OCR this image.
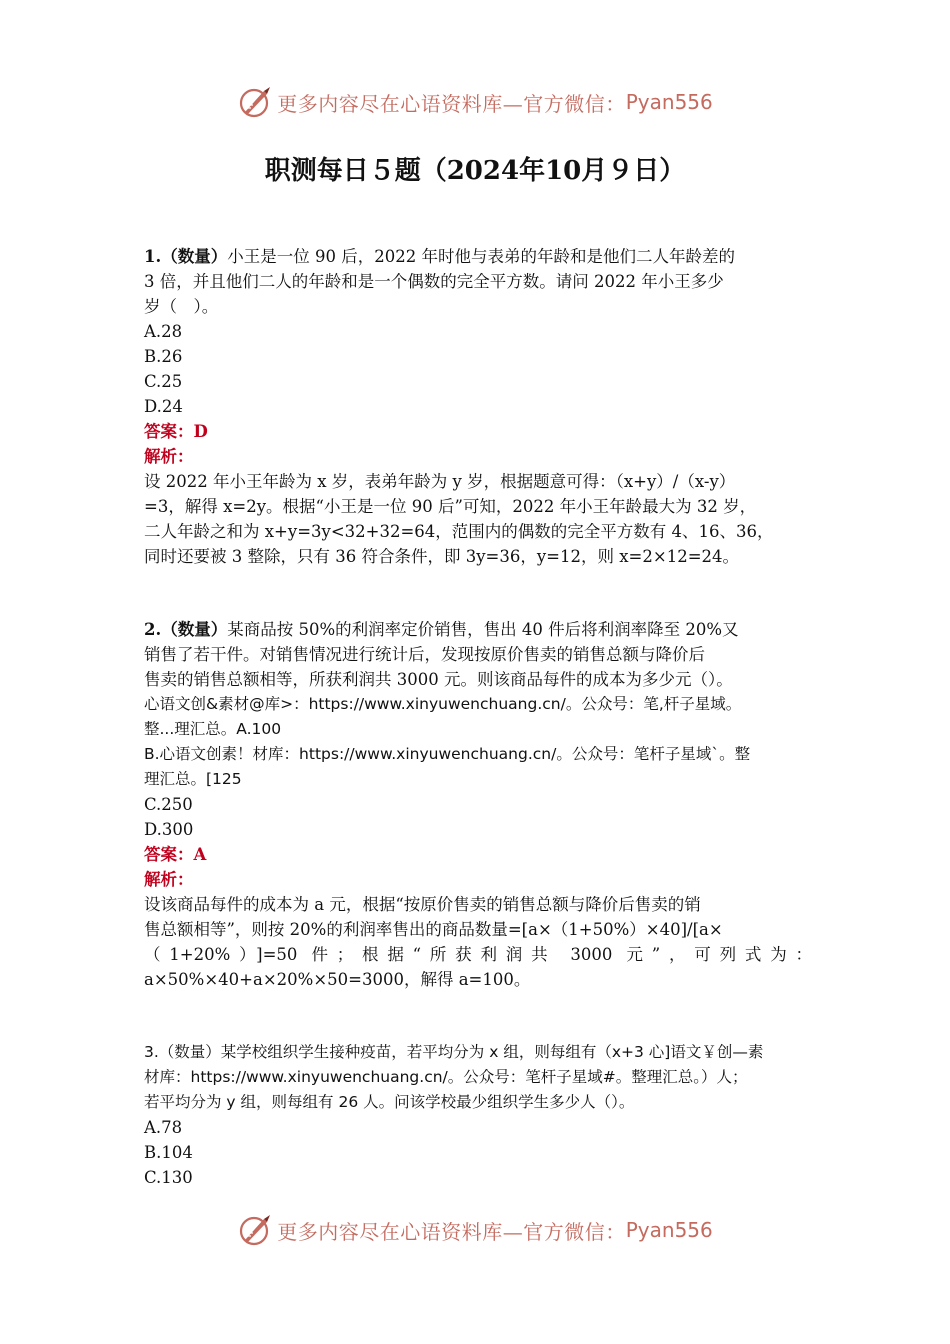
更多内容尽在心语资料库—官方微信： Pyan556
职测每日５题（2024年10月９日）
1.（数量）小王是一位 90 后，2022 年时他与表弟的年龄和是他们二人年龄差的
3 倍，并且他们二人的年龄和是一个偶数的完全平方数。请问 2022 年小王多少
岁（　）。
A.28
B.26
C.25
D.24
答案：D
解析：
设 2022 年小王年龄为 x 岁，表弟年龄为 y 岁，根据题意可得：（x+y）/（x-y）
=3，解得 x=2y。根据“小王是一位 90 后”可知，2022 年小王年龄最大为 32 岁，
二人年龄之和为 x+y=3y<32+32=64，范围内的偶数的完全平方数有 4、16、36，
同时还要被 3 整除，只有 36 符合条件，即 3y=36，y=12，则 x=2×12=24。
2.（数量）某商品按 50%的利润率定价销售，售出 40 件后将利润率降至 20%又
销售了若干件。对销售情况进行统计后，发现按原价售卖的销售总额与降价后
售卖的销售总额相等，所获利润共 3000 元。则该商品每件的成本为多少元（）。
心语文创&素材@库>：https://www.xinyuwenchuang.cn/。公众号：笔,杆子星域。
整...理汇总。A.100
B.心语文创素！材库：https://www.xinyuwenchuang.cn/。公众号：笔杆子星域`。整
理汇总。[125
C.250
D.300
答案：A
解析：
设该商品每件的成本为 a 元，根据“按原价售卖的销售总额与降价后售卖的销
售总额相等”，则按 20%的利润率售出的商品数量=[a×（1+50%）×40]/[a×
（1+20%）]=50 件；根据“所获利润共 3000 元”，可列式为：
a×50%×40+a×20%×50=3000，解得 a=100。
3.（数量）某学校组织学生接种疫苗，若平均分为 x 组，则每组有（x+3 心]语文￥创—素
材库：https://www.xinyuwenchuang.cn/。公众号：笔杆子星域#。整理汇总。）人；
若平均分为 y 组，则每组有 26 人。问该学校最少组织学生多少人（）。
A.78
B.104
C.130
更多内容尽在心语资料库—官方微信： Pyan556
